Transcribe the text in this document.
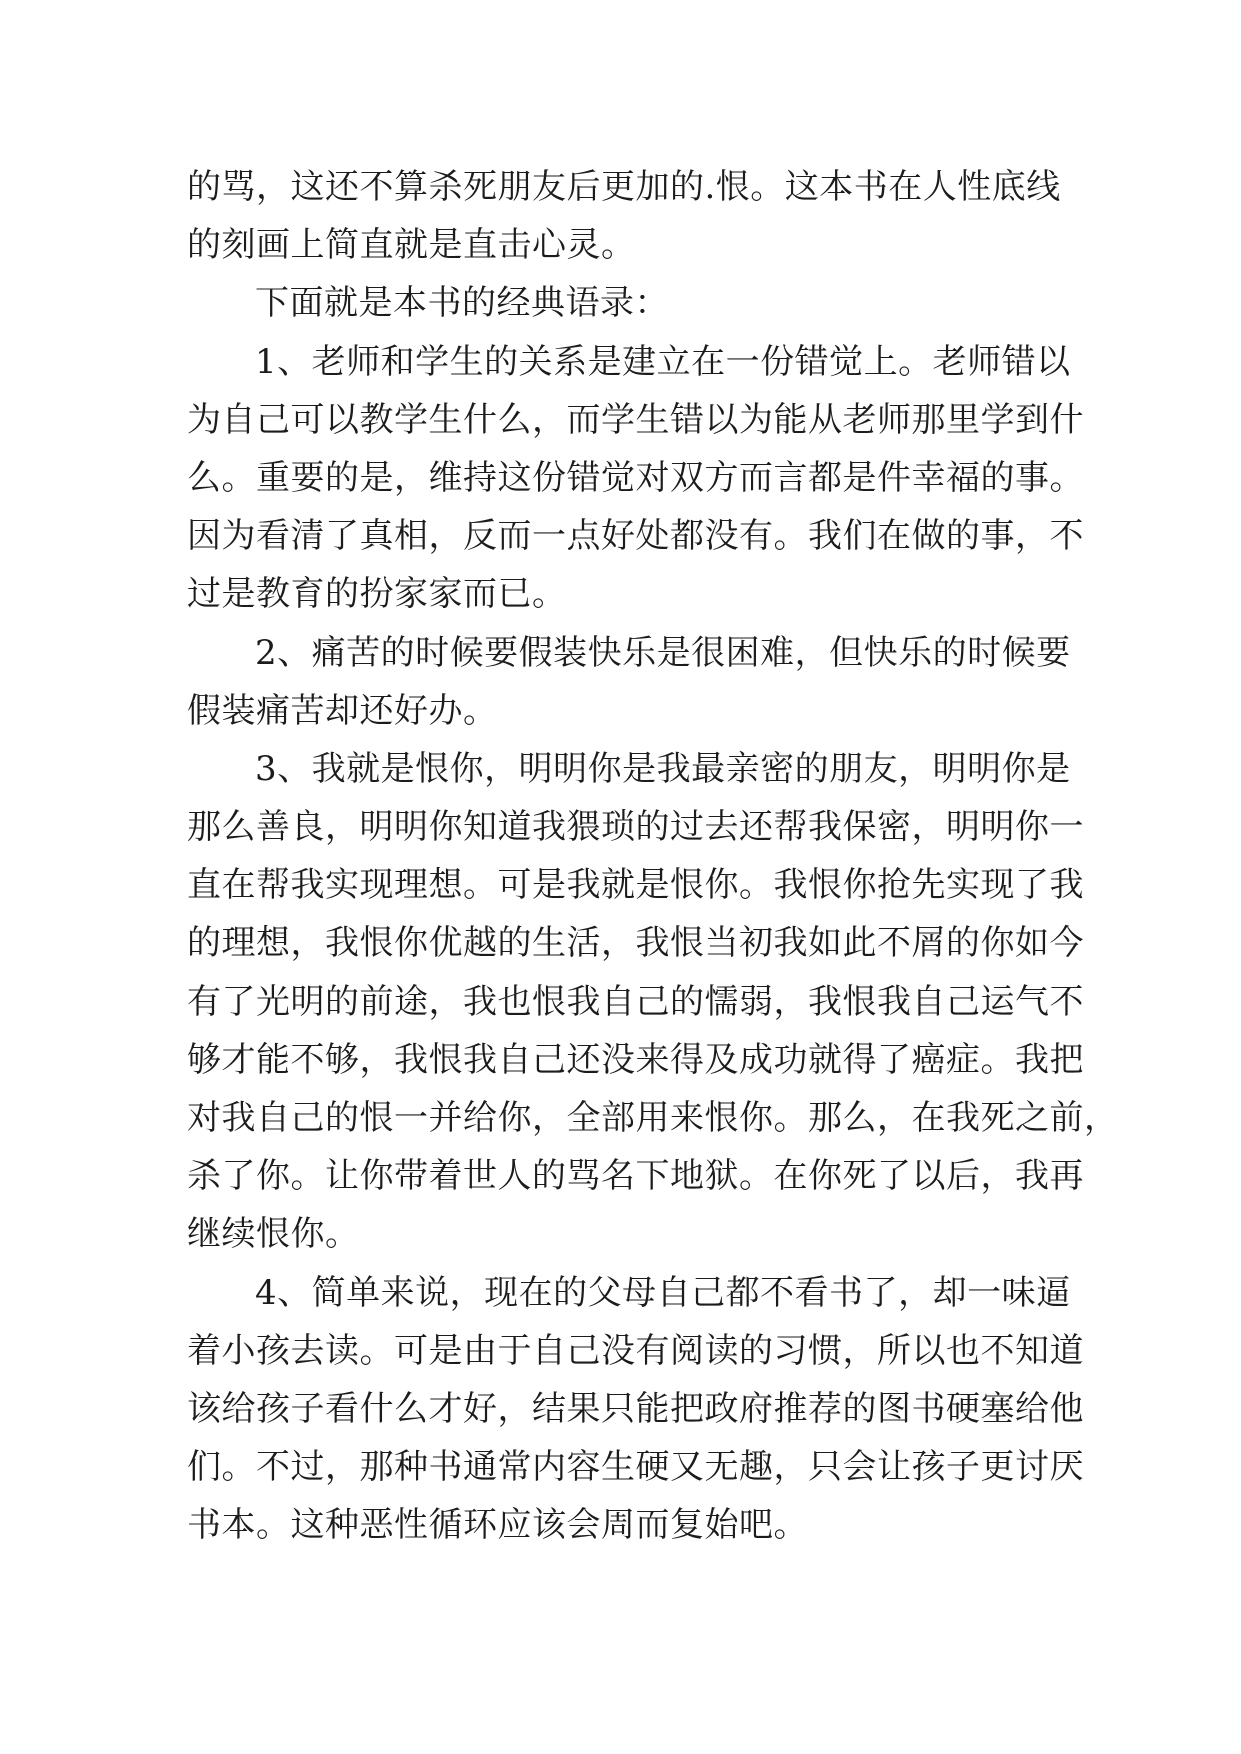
的骂，这还不算杀死朋友后更加的.恨。这本书在人性底线
的刻画上简直就是直击心灵。
下面就是本书的经典语录：
1、老师和学生的关系是建立在一份错觉上。老师错以
为自己可以教学生什么，而学生错以为能从老师那里学到什
么。重要的是，维持这份错觉对双方而言都是件幸福的事。
因为看清了真相，反而一点好处都没有。我们在做的事，不
过是教育的扮家家而已。
2、痛苦的时候要假装快乐是很困难，但快乐的时候要
假装痛苦却还好办。
3、我就是恨你，明明你是我最亲密的朋友，明明你是
那么善良，明明你知道我猥琐的过去还帮我保密，明明你一
直在帮我实现理想。可是我就是恨你。我恨你抢先实现了我
的理想，我恨你优越的生活，我恨当初我如此不屑的你如今
有了光明的前途，我也恨我自己的懦弱，我恨我自己运气不
够才能不够，我恨我自己还没来得及成功就得了癌症。我把
对我自己的恨一并给你，全部用来恨你。那么，在我死之前，
杀了你。让你带着世人的骂名下地狱。在你死了以后，我再
继续恨你。
4、简单来说，现在的父母自己都不看书了，却一味逼
着小孩去读。可是由于自己没有阅读的习惯，所以也不知道
该给孩子看什么才好，结果只能把政府推荐的图书硬塞给他
们。不过，那种书通常内容生硬又无趣，只会让孩子更讨厌
书本。这种恶性循环应该会周而复始吧。
